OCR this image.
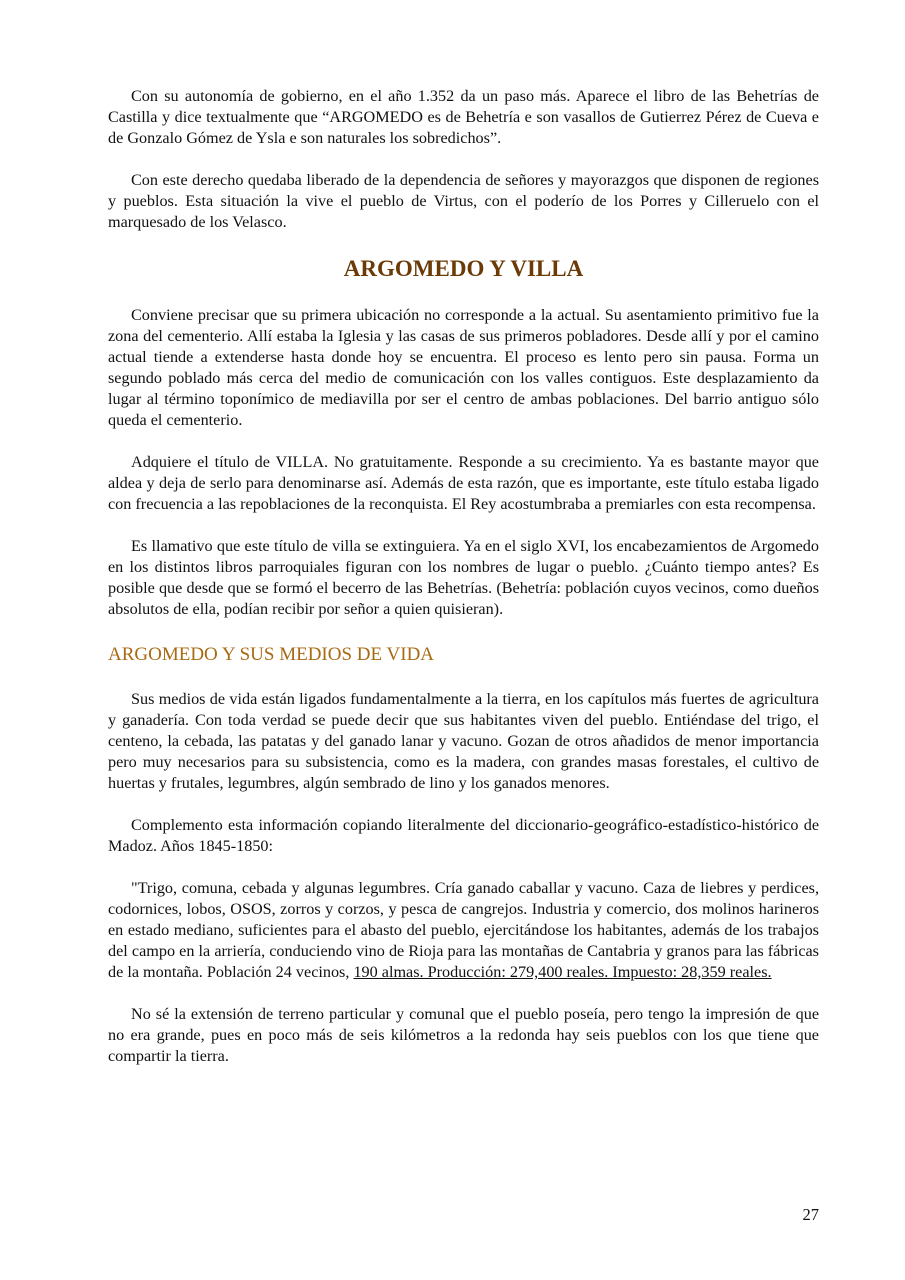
Con su autonomía de gobierno, en el año 1.352 da un paso más. Aparece el libro de las Behetrías de Castilla y dice textualmente que “ARGOMEDO es de Behetría e son vasallos de Gutierrez Pérez de Cueva e de Gonzalo Gómez de Ysla e son naturales los sobredichos”.

Con este derecho quedaba liberado de la dependencia de señores y mayorazgos que disponen de regiones y pueblos. Esta situación la vive el pueblo de Virtus, con el poderío de los Porres y Cilleruelo con el marquesado de los Velasco.

ARGOMEDO Y VILLA

Conviene precisar que su primera ubicación no corresponde a la actual. Su asentamiento primitivo fue la zona del cementerio. Allí estaba la Iglesia y las casas de sus primeros pobladores. Desde allí y por el camino actual tiende a extenderse hasta donde hoy se encuentra. El proceso es lento pero sin pausa. Forma un segundo poblado más cerca del medio de comunicación con los valles contiguos. Este desplazamiento da lugar al término toponímico de mediavilla por ser el centro de ambas poblaciones. Del barrio antiguo sólo queda el cementerio.

Adquiere el título de VILLA. No gratuitamente. Responde a su crecimiento. Ya es bastante mayor que aldea y deja de serlo para denominarse así. Además de esta razón, que es importante, este título estaba ligado con frecuencia a las repoblaciones de la reconquista. El Rey acostumbraba a premiarles con esta recompensa.

Es llamativo que este título de villa se extinguiera. Ya en el siglo XVI, los encabezamientos de Argomedo en los distintos libros parroquiales figuran con los nombres de lugar o pueblo. ¿Cuánto tiempo antes? Es posible que desde que se formó el becerro de las Behetrías. (Behetría: población cuyos vecinos, como dueños absolutos de ella, podían recibir por señor a quien quisieran).

ARGOMEDO Y SUS MEDIOS DE VIDA

Sus medios de vida están ligados fundamentalmente a la tierra, en los capítulos más fuertes de agricultura y ganadería. Con toda verdad se puede decir que sus habitantes viven del pueblo. Entiéndase del trigo, el centeno, la cebada, las patatas y del ganado lanar y vacuno. Gozan de otros añadidos de menor importancia pero muy necesarios para su subsistencia, como es la madera, con grandes masas forestales, el cultivo de huertas y frutales, legumbres, algún sembrado de lino y los ganados menores.

Complemento esta información copiando literalmente del diccionario-geográfico-estadístico-histórico de Madoz. Años 1845-1850:

"Trigo, comuna, cebada y algunas legumbres. Cría ganado caballar y vacuno. Caza de liebres y perdices, codornices, lobos, OSOS, zorros y corzos, y pesca de cangrejos. Industria y comercio, dos molinos harineros en estado mediano, suficientes para el abasto del pueblo, ejercitándose los habitantes, además de los trabajos del campo en la arriería, conduciendo vino de Rioja para las montañas de Cantabria y granos para las fábricas de la montaña. Población 24 vecinos, 190 almas. Producción: 279,400 reales. Impuesto: 28,359 reales.

No sé la extensión de terreno particular y comunal que el pueblo poseía, pero tengo la impresión de que no era grande, pues en poco más de seis kilómetros a la redonda hay seis pueblos con los que tiene que compartir la tierra.

27
